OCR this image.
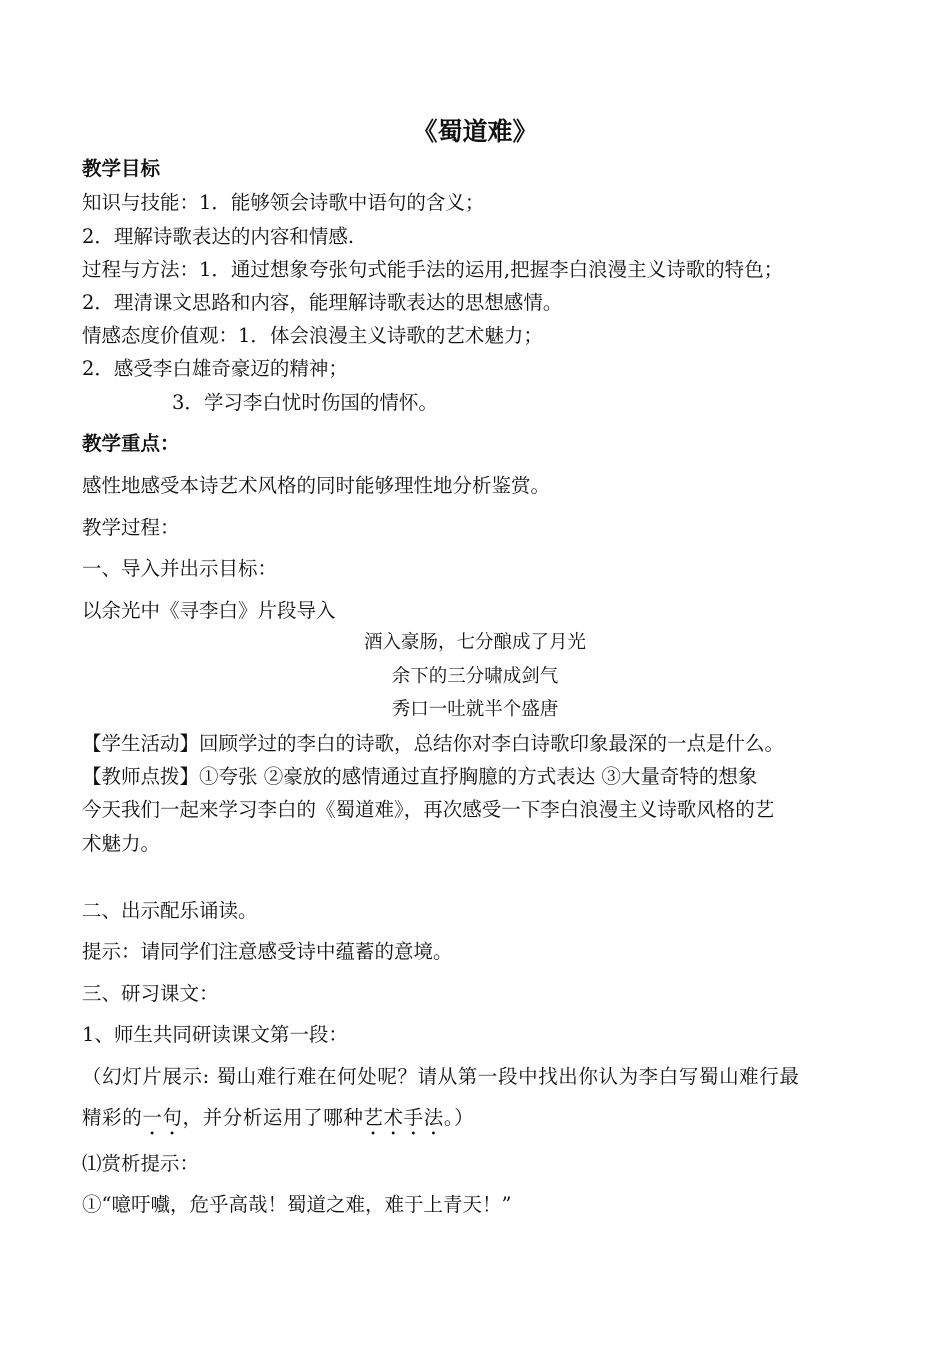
《蜀道难》
教学目标
知识与技能：1．能够领会诗歌中语句的含义；
2．理解诗歌表达的内容和情感.
过程与方法：1．通过想象夸张句式能手法的运用,把握李白浪漫主义诗歌的特色；
2．理清课文思路和内容，能理解诗歌表达的思想感情。
情感态度价值观：1．体会浪漫主义诗歌的艺术魅力；
2．感受李白雄奇豪迈的精神；
3．学习李白忧时伤国的情怀。
教学重点：
感性地感受本诗艺术风格的同时能够理性地分析鉴赏。
教学过程：
一、导入并出示目标：
以余光中《寻李白》片段导入
酒入豪肠，七分酿成了月光
余下的三分啸成剑气
秀口一吐就半个盛唐
【学生活动】回顾学过的李白的诗歌，总结你对李白诗歌印象最深的一点是什么。
【教师点拨】①夸张 ②豪放的感情通过直抒胸臆的方式表达 ③大量奇特的想象
今天我们一起来学习李白的《蜀道难》，再次感受一下李白浪漫主义诗歌风格的艺
术魅力。
二、出示配乐诵读。
提示：请同学们注意感受诗中蕴蓄的意境。
三、研习课文：
1、师生共同研读课文第一段：
（幻灯片展示: 蜀山难行难在何处呢？请从第一段中找出你认为李白写蜀山难行最
精彩的一句，并分析运用了哪种艺术手法。）
⑴赏析提示：
①“噫吁嚱，危乎高哉！蜀道之难，难于上青天！”
